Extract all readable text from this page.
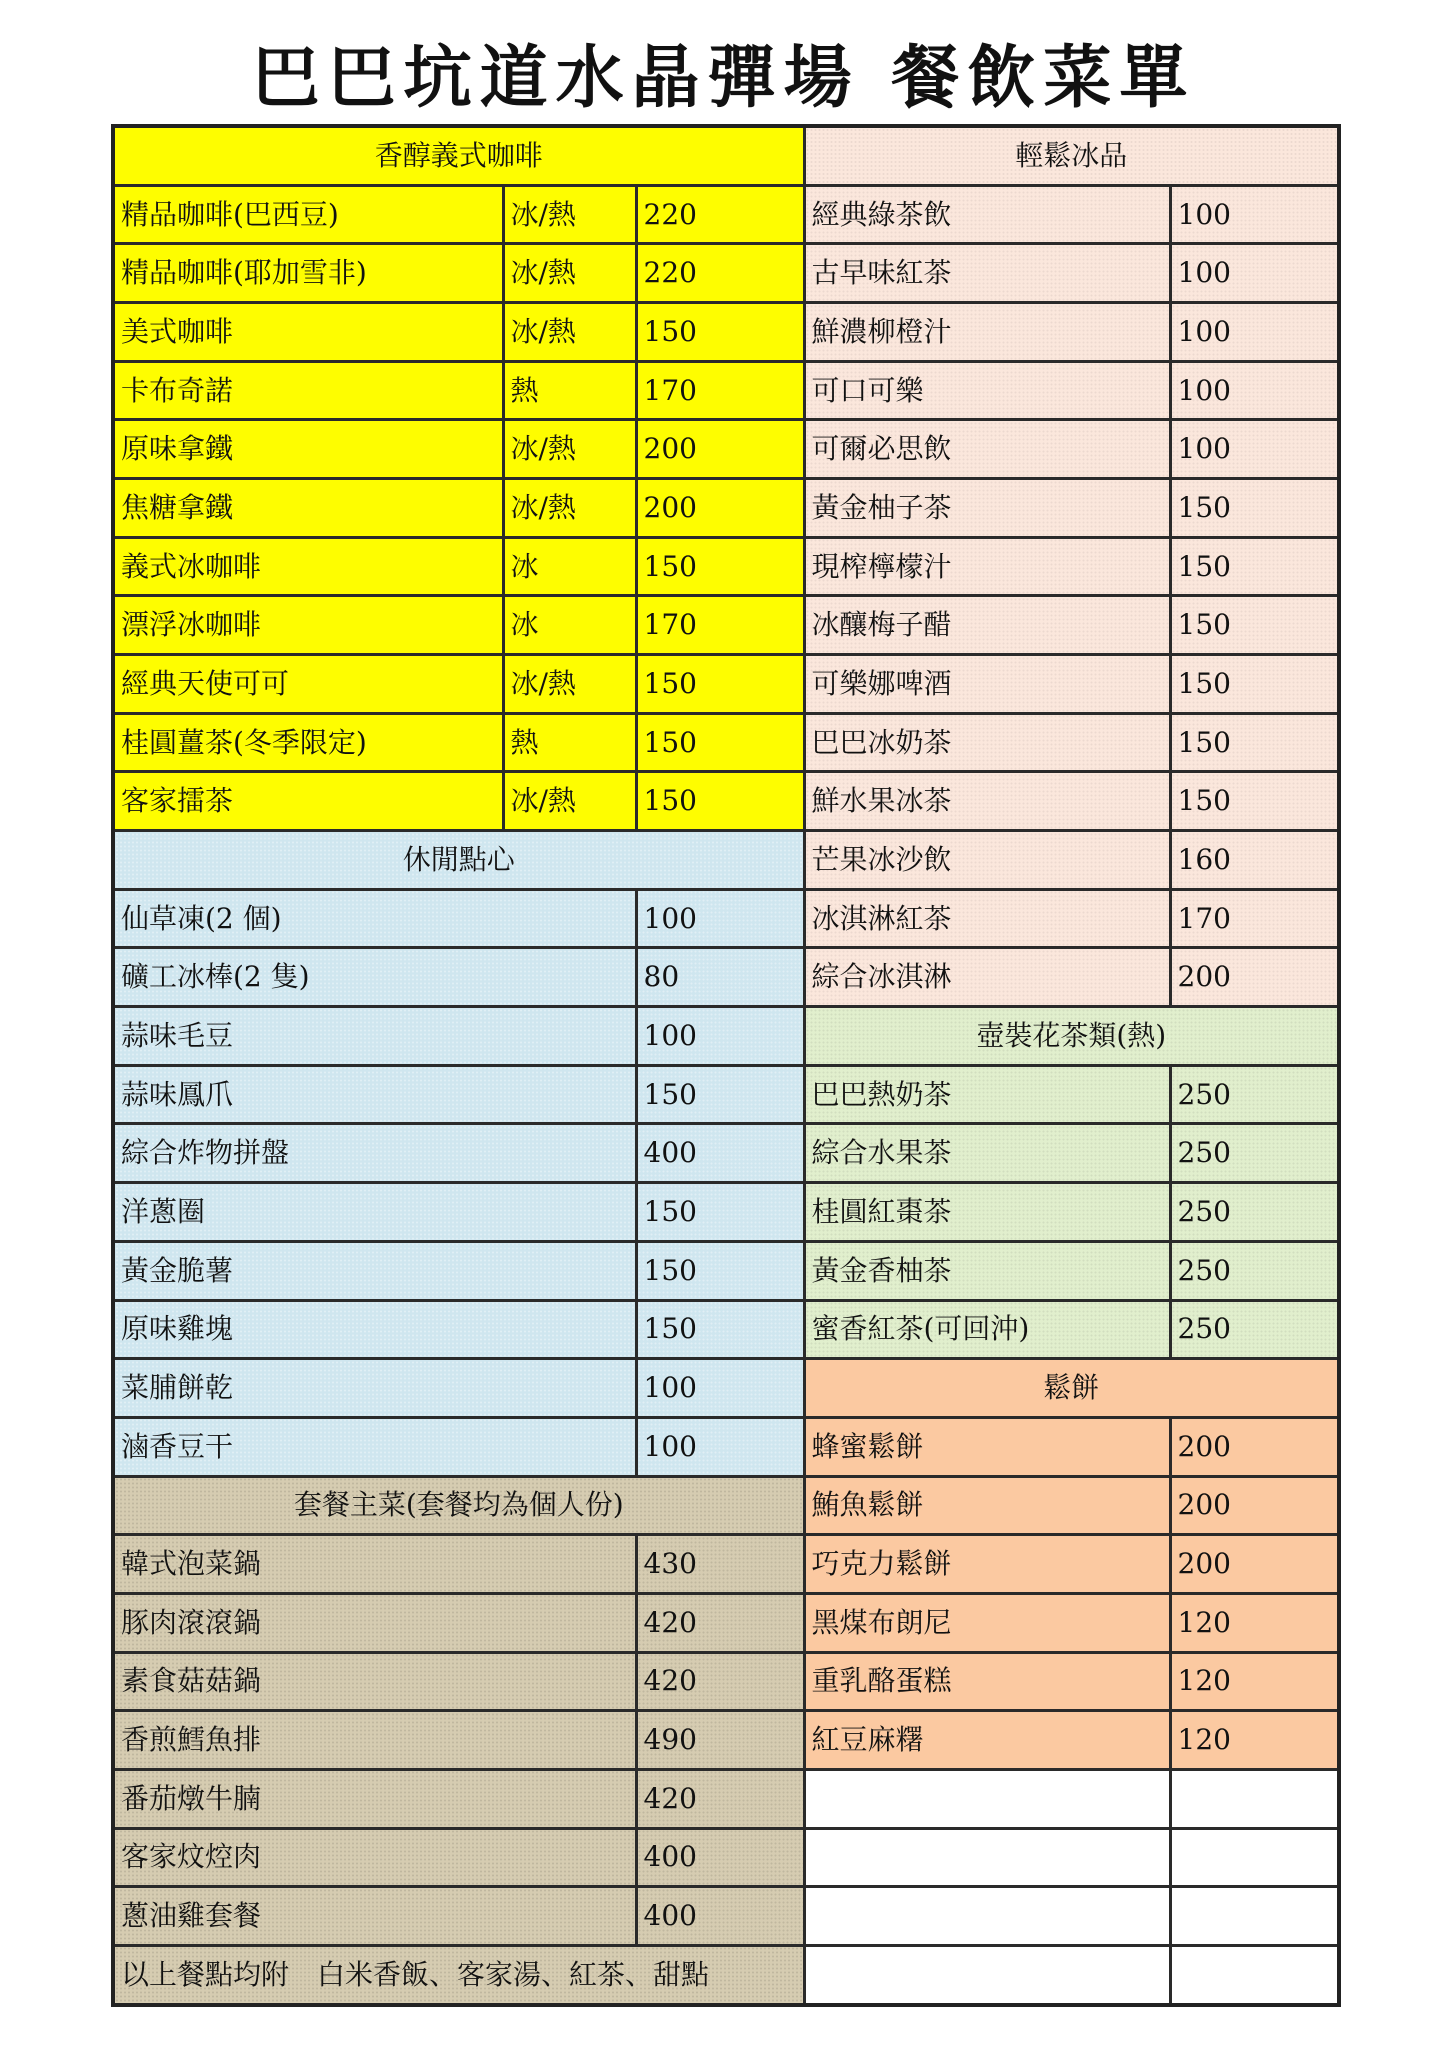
巴巴坑道水晶彈場 餐飲菜單
香醇義式咖啡			輕鬆冰品	
精品咖啡(巴西豆)	冰/熱	220	經典綠茶飲	100
精品咖啡(耶加雪非)	冰/熱	220	古早味紅茶	100
美式咖啡	冰/熱	150	鮮濃柳橙汁	100
卡布奇諾	熱	170	可口可樂	100
原味拿鐵	冰/熱	200	可爾必思飲	100
焦糖拿鐵	冰/熱	200	黃金柚子茶	150
義式冰咖啡	冰	150	現榨檸檬汁	150
漂浮冰咖啡	冰	170	冰釀梅子醋	150
經典天使可可	冰/熱	150	可樂娜啤酒	150
桂圓薑茶(冬季限定)	熱	150	巴巴冰奶茶	150
客家擂茶	冰/熱	150	鮮水果冰茶	150
休閒點心			芒果冰沙飲	160
仙草凍(2 個)		100	冰淇淋紅茶	170
礦工冰棒(2 隻)		80	綜合冰淇淋	200
蒜味毛豆		100	壺裝花茶類(熱)	
蒜味鳳爪		150	巴巴熱奶茶	250
綜合炸物拼盤		400	綜合水果茶	250
洋蔥圈		150	桂圓紅棗茶	250
黃金脆薯		150	黃金香柚茶	250
原味雞塊		150	蜜香紅茶(可回沖)	250
菜脯餅乾		100	鬆餅	
滷香豆干		100	蜂蜜鬆餅	200
套餐主菜(套餐均為個人份)			鮪魚鬆餅	200
韓式泡菜鍋		430	巧克力鬆餅	200
豚肉滾滾鍋		420	黑煤布朗尼	120
素食菇菇鍋		420	重乳酪蛋糕	120
香煎鱈魚排		490	紅豆麻糬	120
番茄燉牛腩		420		
客家炆焢肉		400		
蔥油雞套餐		400		
以上餐點均附　白米香飯、客家湯、紅茶、甜點				
